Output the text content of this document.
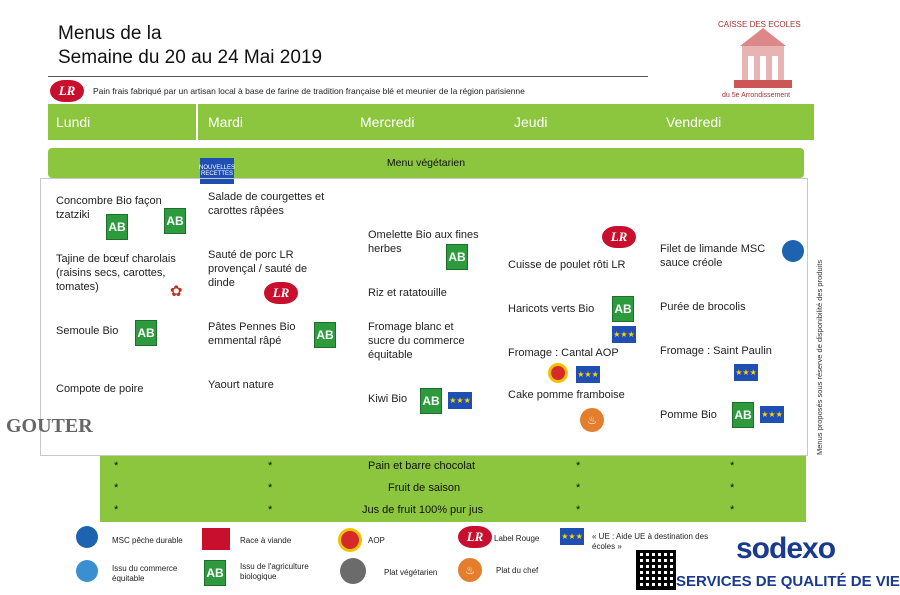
Menus de la
Semaine du 20 au 24 Mai 2019
LR	Pain frais fabriqué par un artisan local à base de farine de tradition française blé et meunier de la région parisienne
CAISSE DES ECOLES
du 5e Arrondissement
Lundi	Mardi	Mercredi	Jeudi	Vendredi
Menu végétarien
NOUVELLES RECETTES
Concombre Bio façon tzatziki
AB
Tajine de bœuf charolais (raisins secs, carottes, tomates)	✿
Semoule Bio AB
Compote de poire
Salade de courgettes et carottes râpées
AB
Sauté de porc LR provençal / sauté de dinde
LR
Pâtes Pennes Bio emmental râpé	AB
Yaourt nature
Omelette Bio aux fines herbes
AB
Riz et ratatouille
Fromage blanc et sucre du commerce équitable
Kiwi Bio AB ★★★
LR
Cuisse de poulet rôti LR
Haricots verts Bio AB
★★★
Fromage : Cantal AOP
★★★
Cake pomme framboise
♨
Filet de limande MSC sauce créole
Purée de brocolis
Fromage : Saint Paulin
★★★
Pomme Bio AB ★★★	Menus proposés sous réserve de disponibilité des produits
GOUTER
*	*	Pain et barre chocolat	*	*
*	*	Fruit de saison	*	*
*	*	Jus de fruit 100% pur jus	*	*
MSC pêche durable	Race à viande	AOP	LR	Label Rouge	★★★ « UE : Aide UE à destination des écoles »
Issu du commerce équitable	AB Issu de l'agriculture biologique	Plat végétarien	♨	Plat du chef
sodexo
SERVICES DE QUALITÉ DE VIE
